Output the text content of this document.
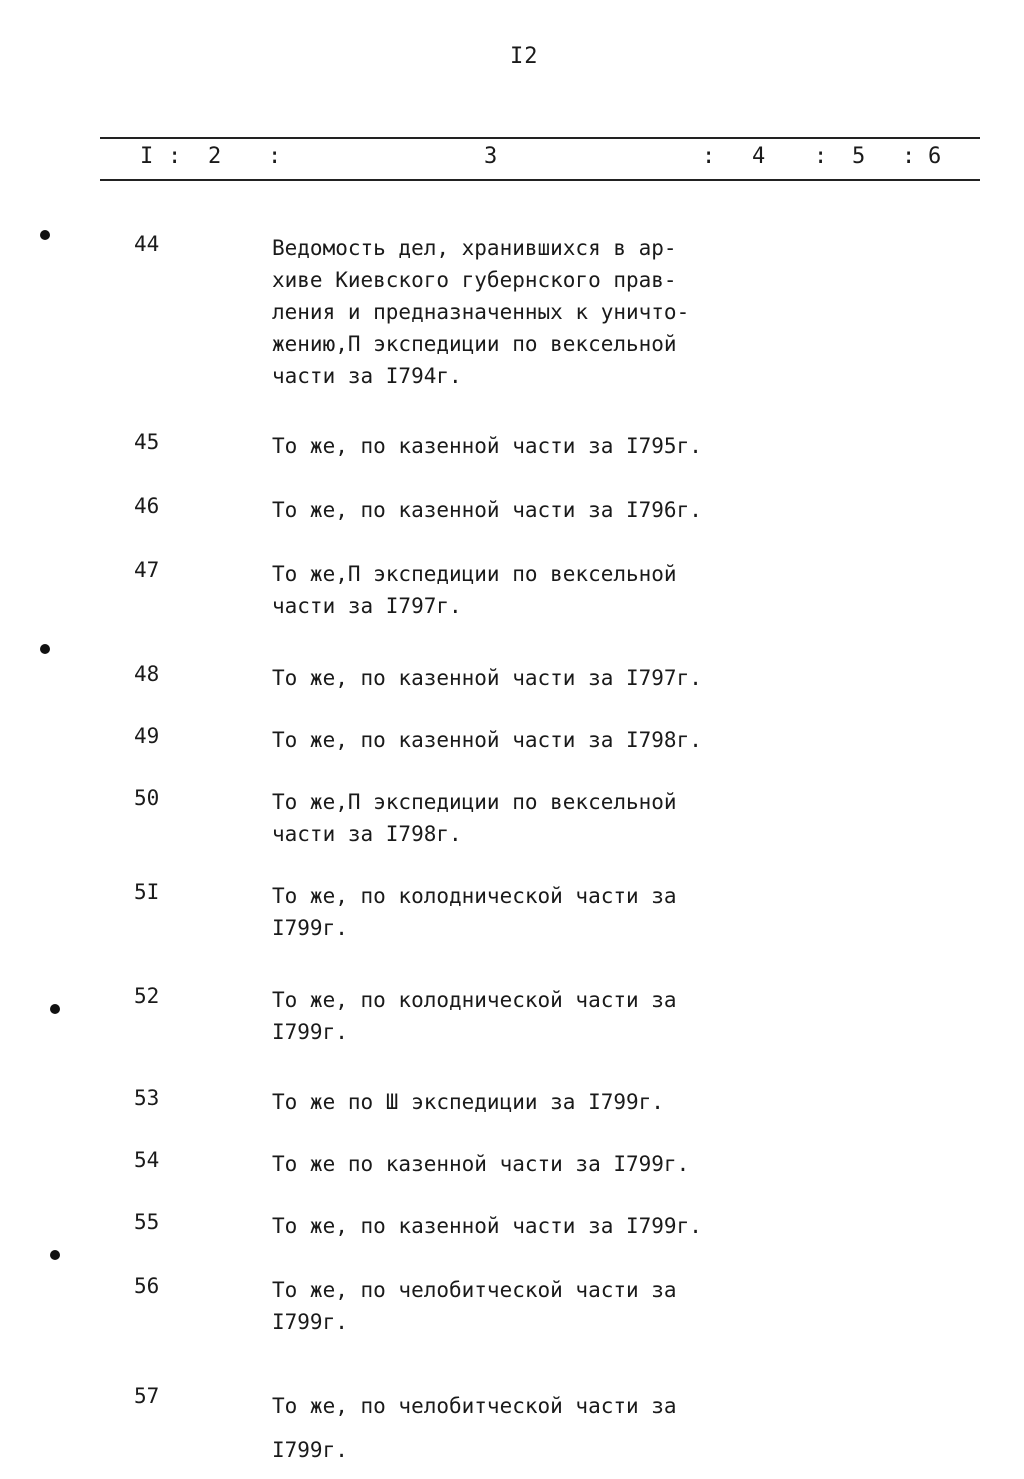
I2
I : 2 :	3	: 4 : 5 : 6
44	Ведомость дел, хранившихся в ар-
хиве Киевского губернского прав-
ления и предназначенных к уничто-
жению,П экспедиции по вексельной
части за I794г.
45	То же, по казенной части за I795г.
46	То же, по казенной части за I796г.
47	То же,П экспедиции по вексельной
части за I797г.
48	То же, по казенной части за I797г.
49	То же, по казенной части за I798г.
50	То же,П экспедиции по вексельной
части за I798г.
5I	То же, по колоднической части за
I799г.
52	То же, по колоднической части за
I799г.
53	То же по Ш экспедиции за I799г.
54	То же по казенной части за I799г.
55	То же, по казенной части за I799г.
56	То же, по челобитческой части за
I799г.
57	То же, по челобитческой части за
I799г.
